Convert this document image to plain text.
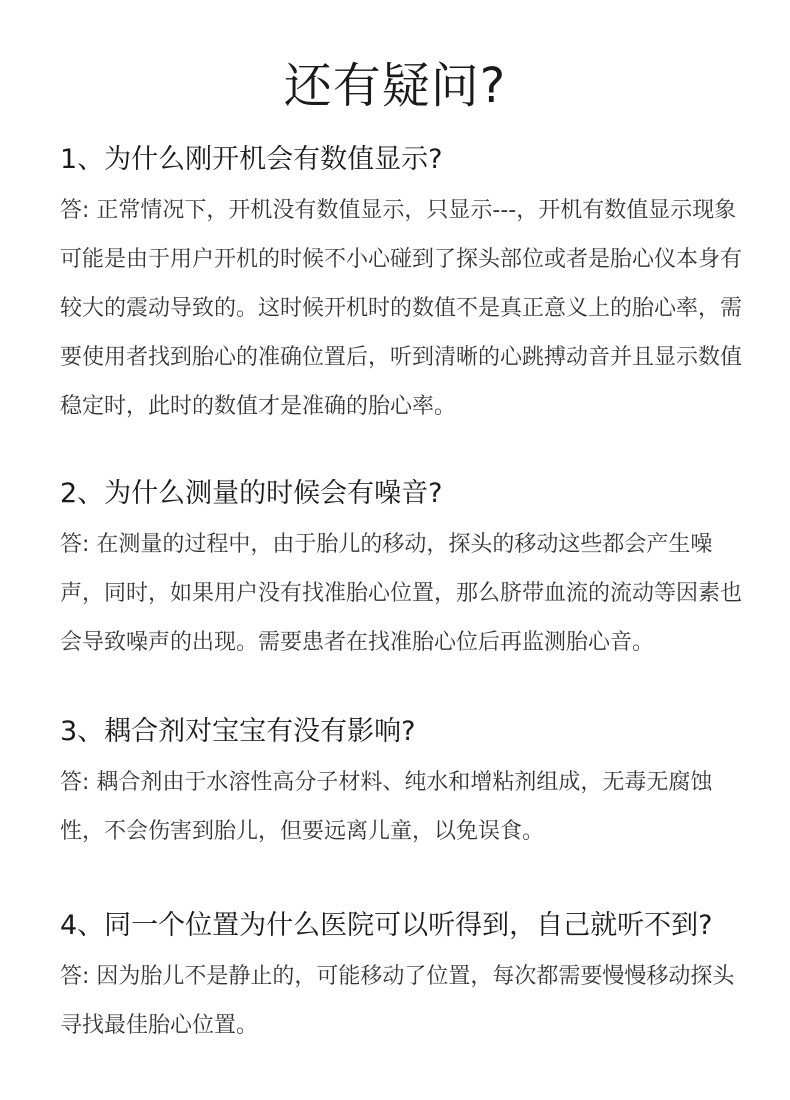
还有疑问?
1、为什么刚开机会有数值显示?

答: 正常情况下，开机没有数值显示，只显示---，开机有数值显示现象可能是由于用户开机的时候不小心碰到了探头部位或者是胎心仪本身有较大的震动导致的。这时候开机时的数值不是真正意义上的胎心率，需要使用者找到胎心的准确位置后，听到清晰的心跳搏动音并且显示数值稳定时，此时的数值才是准确的胎心率。

2、为什么测量的时候会有噪音?

答: 在测量的过程中，由于胎儿的移动，探头的移动这些都会产生噪声，同时，如果用户没有找准胎心位置，那么脐带血流的流动等因素也会导致噪声的出现。需要患者在找准胎心位后再监测胎心音。

3、耦合剂对宝宝有没有影响?

答: 耦合剂由于水溶性高分子材料、纯水和增粘剂组成，无毒无腐蚀性，不会伤害到胎儿，但要远离儿童，以免误食。

4、同一个位置为什么医院可以听得到，自己就听不到?

答: 因为胎儿不是静止的，可能移动了位置，每次都需要慢慢移动探头寻找最佳胎心位置。
